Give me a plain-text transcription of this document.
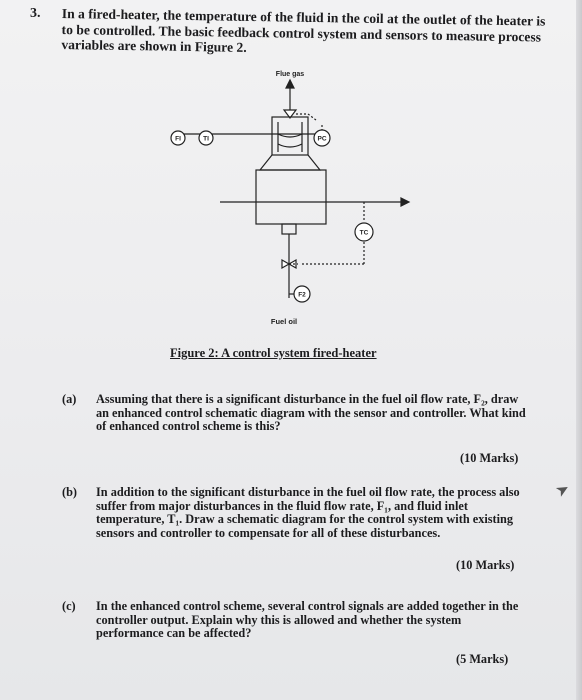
3. In a fired-heater, the temperature of the fluid in the coil at the outlet of the heater is to be controlled. The basic feedback control system and sensors to measure process variables are shown in Figure 2.
Flue gas
FI	TI	PC
TC
F2
Fuel oil
Figure 2: A control system fired-heater
(a) Assuming that there is a significant disturbance in the fuel oil flow rate, F₂, draw an enhanced control schematic diagram with the sensor and controller. What kind of enhanced control scheme is this?
(10 Marks)
(b) In addition to the significant disturbance in the fuel oil flow rate, the process also suffer from major disturbances in the fluid flow rate, F₁, and fluid inlet temperature, T₁. Draw a schematic diagram for the control system with existing sensors and controller to compensate for all of these disturbances.
(10 Marks)
(c) In the enhanced control scheme, several control signals are added together in the controller output. Explain why this is allowed and whether the system performance can be affected?
(5 Marks)
➤
